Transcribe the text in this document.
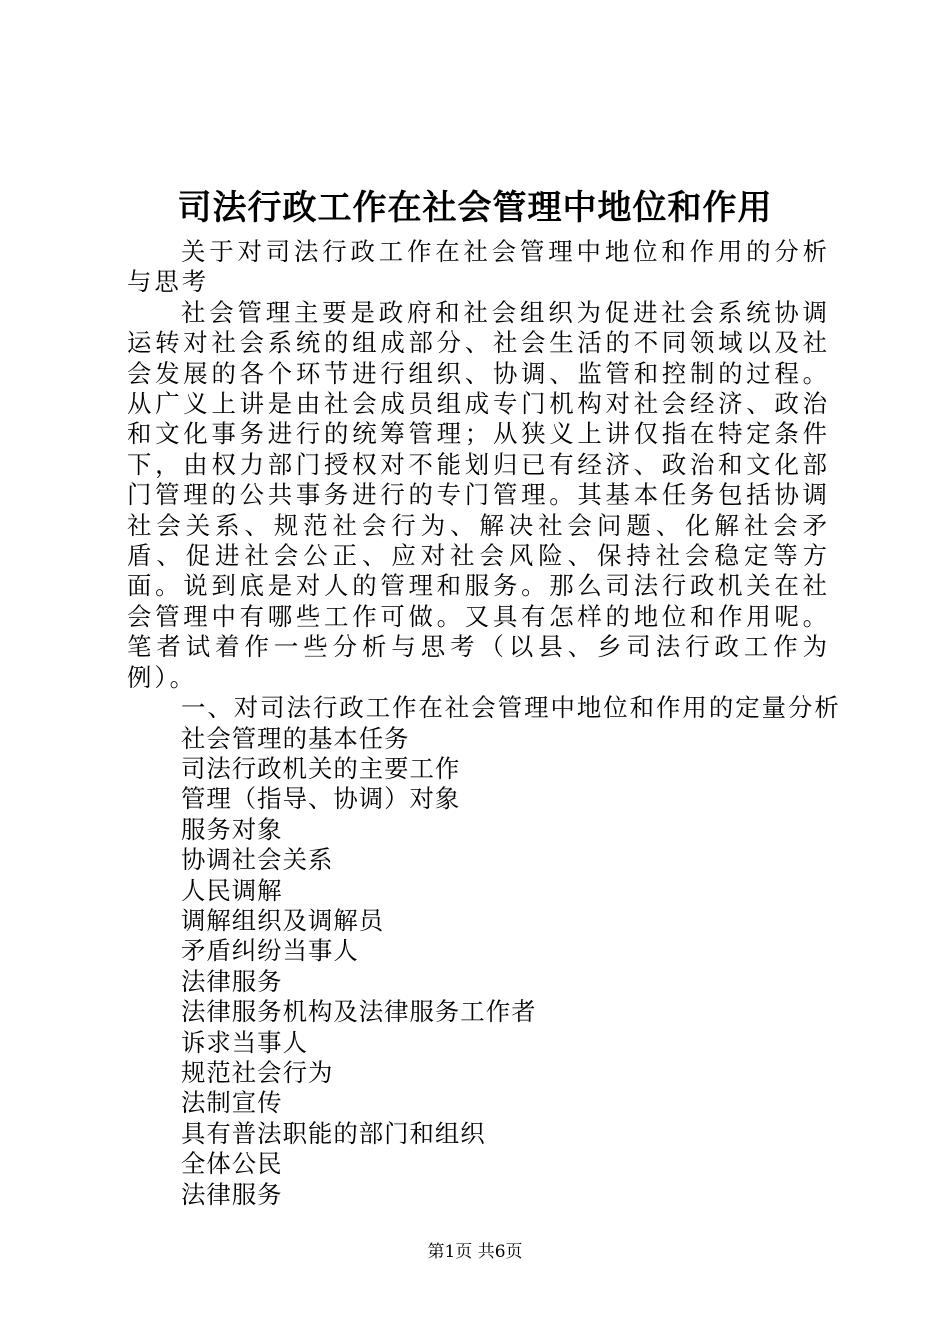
司法行政工作在社会管理中地位和作用

关于对司法行政工作在社会管理中地位和作用的分析与思考

社会管理主要是政府和社会组织为促进社会系统协调运转对社会系统的组成部分、社会生活的不同领域以及社会发展的各个环节进行组织、协调、监管和控制的过程。从广义上讲是由社会成员组成专门机构对社会经济、政治和文化事务进行的统筹管理；从狭义上讲仅指在特定条件下，由权力部门授权对不能划归已有经济、政治和文化部门管理的公共事务进行的专门管理。其基本任务包括协调社会关系、规范社会行为、解决社会问题、化解社会矛盾、促进社会公正、应对社会风险、保持社会稳定等方面。说到底是对人的管理和服务。那么司法行政机关在社会管理中有哪些工作可做。又具有怎样的地位和作用呢。笔者试着作一些分析与思考（以县、乡司法行政工作为例）。

一、对司法行政工作在社会管理中地位和作用的定量分析
社会管理的基本任务
司法行政机关的主要工作
管理（指导、协调）对象
服务对象
协调社会关系
人民调解
调解组织及调解员
矛盾纠纷当事人
法律服务
法律服务机构及法律服务工作者
诉求当事人
规范社会行为
法制宣传
具有普法职能的部门和组织
全体公民
法律服务
第1页 共6页
